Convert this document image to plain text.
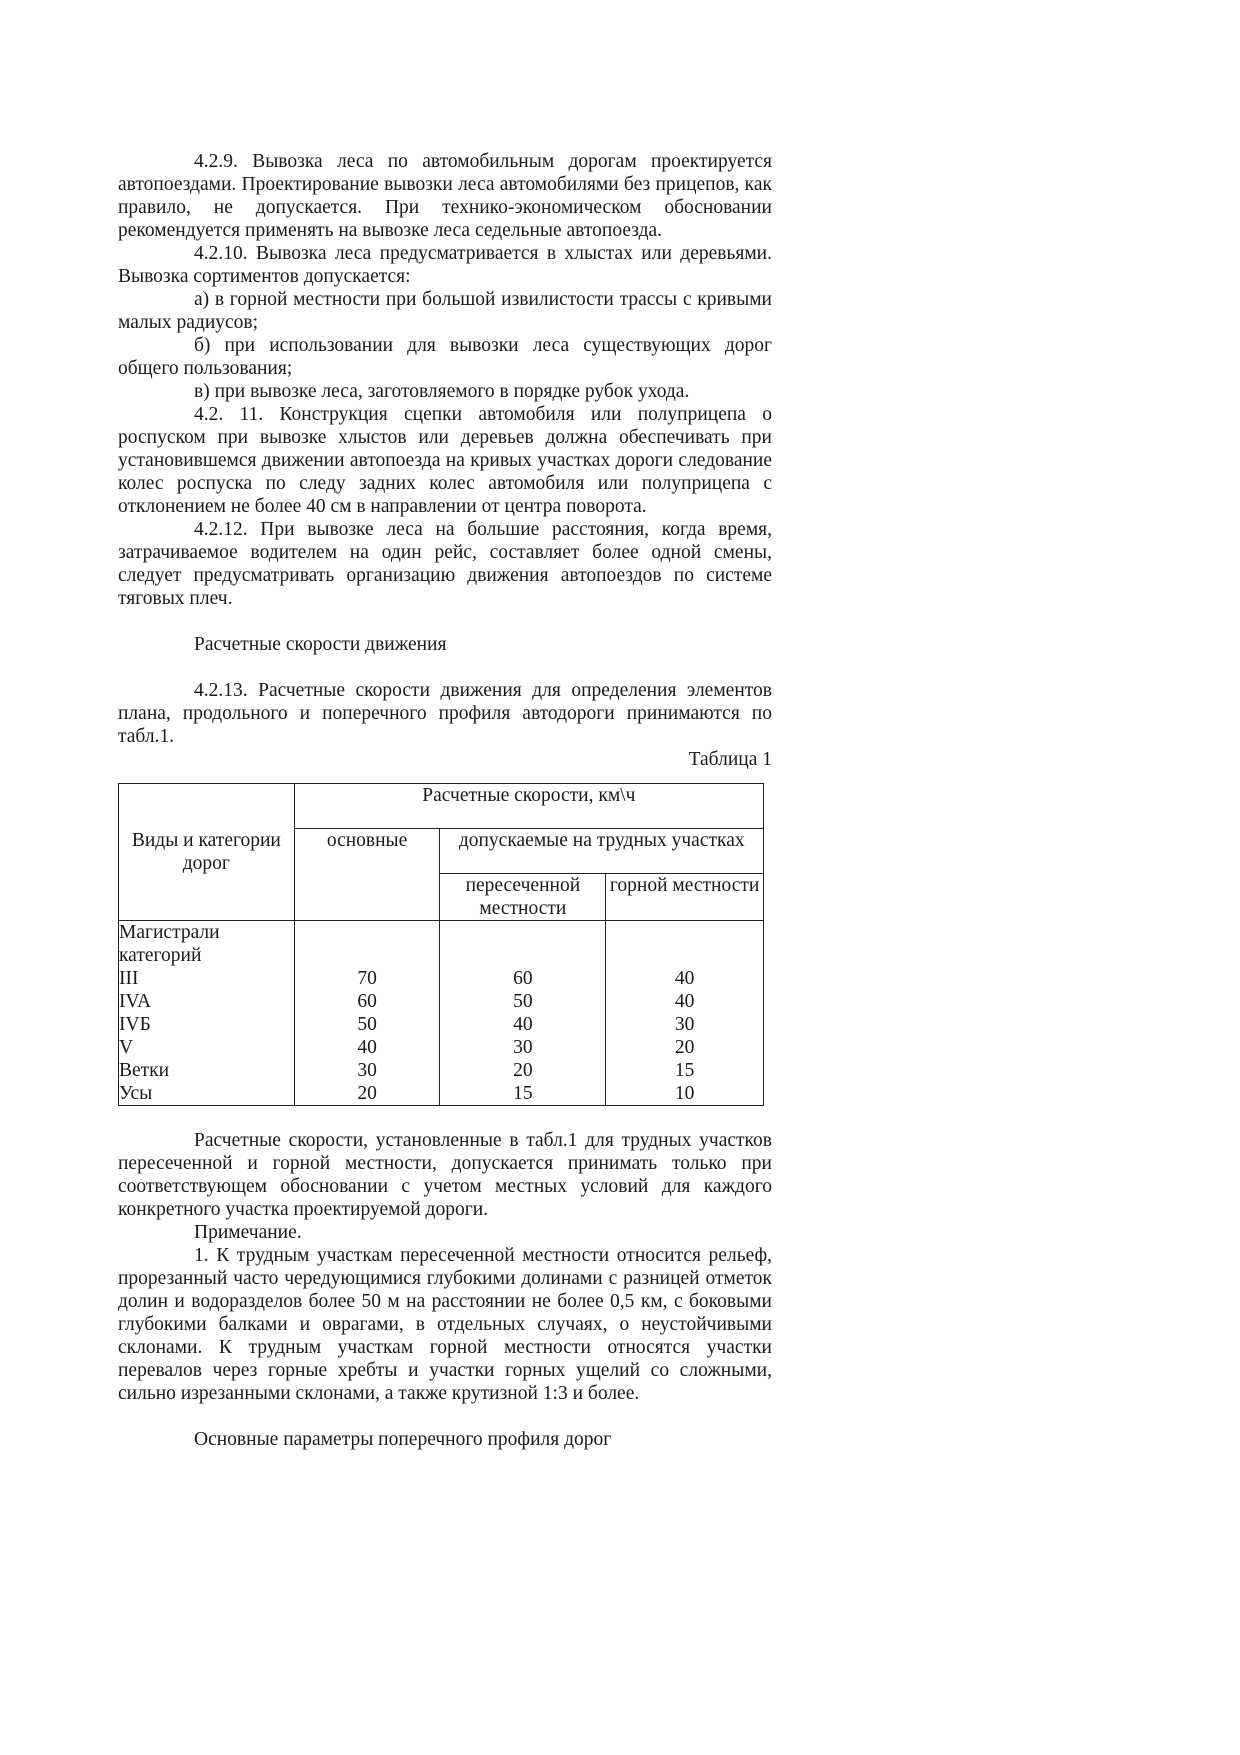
4.2.9. Вывозка леса по автомобильным дорогам проектируется автопоездами. Проектирование вывозки леса автомобилями без прицепов, как правило, не допускается. При технико-экономическом обосновании рекомендуется применять на вывозке леса седельные автопоезда.

4.2.10. Вывозка леса предусматривается в хлыстах или деревьями. Вывозка сортиментов допускается:

а) в горной местности при большой извилистости трассы с кривыми малых радиусов;

б) при использовании для вывозки леса существующих дорог общего пользования;

в) при вывозке леса, заготовляемого в порядке рубок ухода.

4.2. 11. Конструкция сцепки автомобиля или полуприцепа о роспуском при вывозке хлыстов или деревьев должна обеспечивать при установившемся движении автопоезда на кривых участках дороги следование колес роспуска по следу задних колес автомобиля или полуприцепа с отклонением не более 40 см в направлении от центра поворота.

4.2.12. При вывозке леса на большие расстояния, когда время, затрачиваемое водителем на один рейс, составляет более одной смены, следует предусматривать организацию движения автопоездов по системе тяговых плеч.

Расчетные скорости движения

4.2.13. Расчетные скорости движения для определения элементов плана, продольного и поперечного профиля автодороги принимаются по табл.1.

Таблица 1

Виды и категории дорог	Расчетные скорости, км\ч		
	основные	допускаемые на трудных участках	
		пересеченной местности	горной местности
Магистрали
категорий			
III	70	60	40
IVA	60	50	40
IVБ	50	40	30
V	40	30	20
Ветки	30	20	15
Усы	20	15	10

Расчетные скорости, установленные в табл.1 для трудных участков пересеченной и горной местности, допускается принимать только при соответствующем обосновании с учетом местных условий для каждого конкретного участка проектируемой дороги.

Примечание.

1. К трудным участкам пересеченной местности относится рельеф, прорезанный часто чередующимися глубокими долинами с разницей отметок долин и водоразделов более 50 м на расстоянии не более 0,5 км, с боковыми глубокими балками и оврагами, в отдельных случаях, о неустойчивыми склонами. К трудным участкам горной местности относятся участки перевалов через горные хребты и участки горных ущелий со сложными, сильно изрезанными склонами, а также крутизной 1:3 и более.

Основные параметры поперечного профиля дорог
